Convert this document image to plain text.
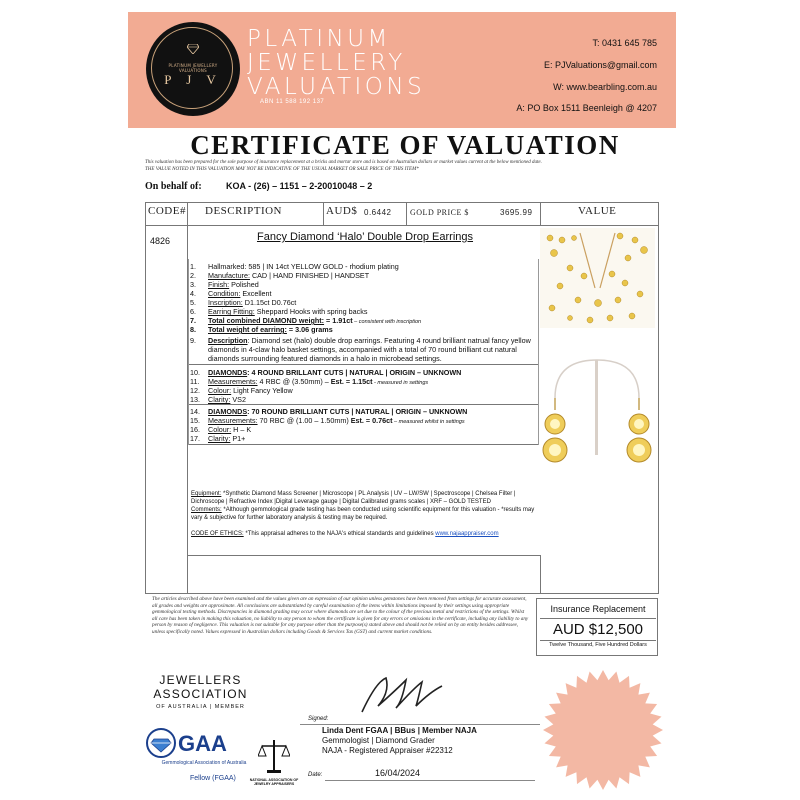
PLATINUM JEWELLERY VALUATIONS
P J V
PLATINUM
JEWELLERY
VALUATIONS
ABN 11 588 192 137
T: 0431 645 785
E: PJValuations@gmail.com
W: www.bearbling.com.au
A: PO Box 1511 Beenleigh @ 4207
CERTIFICATE OF VALUATION
This valuation has been prepared for the sole purpose of insurance replacement at a bricks and mortar store and is based on Australian dollars or market values current at the below mentioned date.
THE VALUE NOTED IN THIS VALUATION MAY NOT BE INDICATIVE OF THE USUAL MARKET OR SALE PRICE OF THIS ITEM*
On behalf of:	KOA - (26) – 1151 – 2-20010048 – 2
CODE# DESCRIPTION	AUD$ 0.6442 GOLD PRICE $	3695.99	VALUE
4826	Fancy Diamond ‘Halo’ Double Drop Earrings
1. Hallmarked: 585 | IN 14ct YELLOW GOLD - rhodium plating
2. Manufacture: CAD | HAND FINISHED | HANDSET
3. Finish: Polished
4. Condition: Excellent
5. Inscription: D1.15ct D0.76ct
6. Earring Fitting: Sheppard Hooks with spring backs
7. Total combined DIAMOND weight: = 1.91ct – consistent with inscription
8. Total weight of earring: = 3.06 grams
9.	Description: Diamond set (halo) double drop earrings. Featuring 4 round brilliant natrual fancy yellow diamonds in 4-claw halo basket settings, accompanied with a total of 70 round brilliant cut natural diamonds surrounding featured diamonds in a halo in microbead settings.
10. DIAMONDS: 4 ROUND BRILLANT CUTS | NATURAL | ORIGIN – UNKNOWN
11. Measurements: 4 RBC @ (3.50mm) – Est. = 1.15ct - measured in settings
12. Colour: Light Fancy Yellow
13. Clarity: VS2
14. DIAMONDS: 70 ROUND BRILLIANT CUTS | NATURAL | ORIGIN – UNKNOWN
15. Measurements: 70 RBC @ (1.00 – 1.50mm) Est. = 0.76ct – measured whilst in settings
16. Colour: H – K
17. Clarity: P1+
Equipment: *Synthetic Diamond Mass Screener | Microscope | PL Analysis | UV – LW/SW | Spectroscope | Chelsea Filter | Dichroscope | Refractive Index |Digital Leverage gauge | Digital Calibrated grams scales | XRF – GOLD TESTED
Comments: *Although gemmological grade testing has been conducted using scientific equipment for this valuation - *results may vary & subjective for further laboratory analysis & testing may be required.
CODE OF ETHICS: *This appraisal adheres to the NAJA's ethical standards and guidelines www.najaappraiser.com
The articles described above have been examined and the values given are an expression of our opinion unless gemstones have been removed from settings for accurate assessment, all grades and weights are approximate. All conclusions are substantiated by careful examination of the items within limitations imposed by their settings using appropriate gemmological testing methods. Discrepancies in diamond grading may occur where diamonds are set due to the colour of the precious metal and restrictions of the settings. Whilst all care has been taken in making this valuation, no liability to any person to whom the certificate is given for any errors or omissions in the certificate, including any liability to any person by reason of negligence. This valuation is not suitable for any purpose other than the purpose(s) stated above and should not be relied on by an entity besides addressee, unless specifically noted. Values expressed in Australian dollars including Goods & Services Tax (GST) and current market conditions.
Insurance Replacement
AUD $12,500
Twelve Thousand, Five Hundred Dollars
JEWELLERS
ASSOCIATION
OF AUSTRALIA | MEMBER
GAA
Gemmological Association of Australia
Fellow (FGAA)	NATIONAL ASSOCIATION OF JEWELRY APPRAISERS
Signed:
Linda Dent FGAA | BBus | Member NAJA
Gemmologist | Diamond Grader
NAJA - Registered Appraiser #22312
Date:	16/04/2024
